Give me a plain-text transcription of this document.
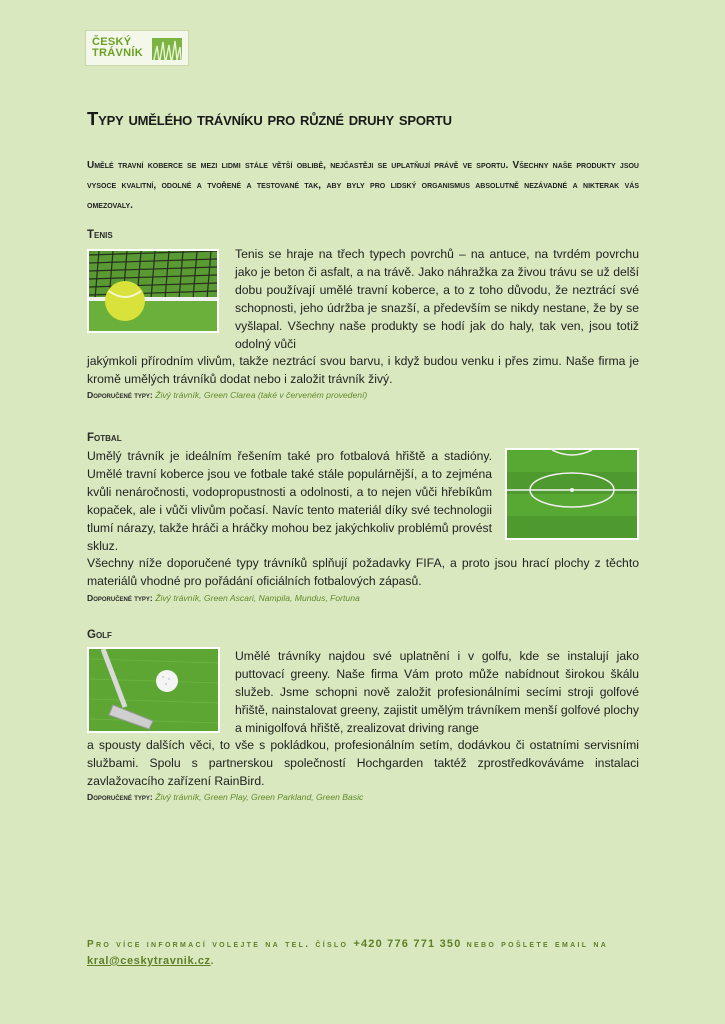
ČESKÝ
TRÁVNÍK
Typy umělého trávníku pro různé druhy sportu

Umělé travní koberce se mezi lidmi stále větší oblibě, nejčastěji se uplatňují právě ve sportu. Všechny naše produkty jsou vysoce kvalitní, odolné a tvořené a testované tak, aby byly pro lidský organismus absolutně nezávadné a nikterak vás omezovaly.

Tenis

Tenis se hraje na třech typech povrchů – na antuce, na tvrdém povrchu jako je beton či asfalt, a na trávě. Jako náhražka za živou trávu se už delší dobu používají umělé travní koberce, a to z toho důvodu, že neztrácí své schopnosti, jeho údržba je snazší, a především se nikdy nestane, že by se vyšlapal. Všechny naše produkty se hodí jak do haly, tak ven, jsou totiž odolný vůči

jakýmkoli přírodním vlivům, takže neztrácí svou barvu, i když budou venku i přes zimu. Naše firma je kromě umělých trávníků dodat nebo i založit trávník živý.

Doporučené typy: Živý trávník, Green Clarea (také v červeném provedení)
Fotbal

Umělý trávník je ideálním řešením také pro fotbalová hřiště a stadióny. Umělé travní koberce jsou ve fotbale také stále populárnější, a to zejména kvůli nenáročnosti, vodopropustnosti a odolnosti, a to nejen vůči hřebíkům kopaček, ale i vůči vlivům počasí. Navíc tento materiál díky své technologii tlumí nárazy, takže hráči a hráčky mohou bez jakýchkoliv problémů provést skluz.

Všechny níže doporučené typy trávníků splňují požadavky FIFA, a proto jsou hrací plochy z těchto materiálů vhodné pro pořádání oficiálních fotbalových zápasů.

Doporučené typy: Živý trávník, Green Ascari, Nampila, Mundus, Fortuna
Golf

Umělé trávníky najdou své uplatnění i v golfu, kde se instalují jako puttovací greeny. Naše firma Vám proto může nabídnout širokou škálu služeb. Jsme schopni nově založit profesionálními secími stroji golfové hřiště, nainstalovat greeny, zajistit umělým trávníkem menší golfové plochy a minigolfová hřiště, zrealizovat driving range

a spousty dalších věci, to vše s pokládkou, profesionálním setím, dodávkou či ostatními servisními službami. Spolu s partnerskou společností Hochgarden taktéž zprostředkováváme instalaci zavlažovacího zařízení RainBird.

Doporučené typy: Živý trávník, Green Play, Green Parkland, Green Basic
Pro více informací volejte na tel. číslo +420 776 771 350 nebo pošlete email na kral@ceskytravnik.cz.
